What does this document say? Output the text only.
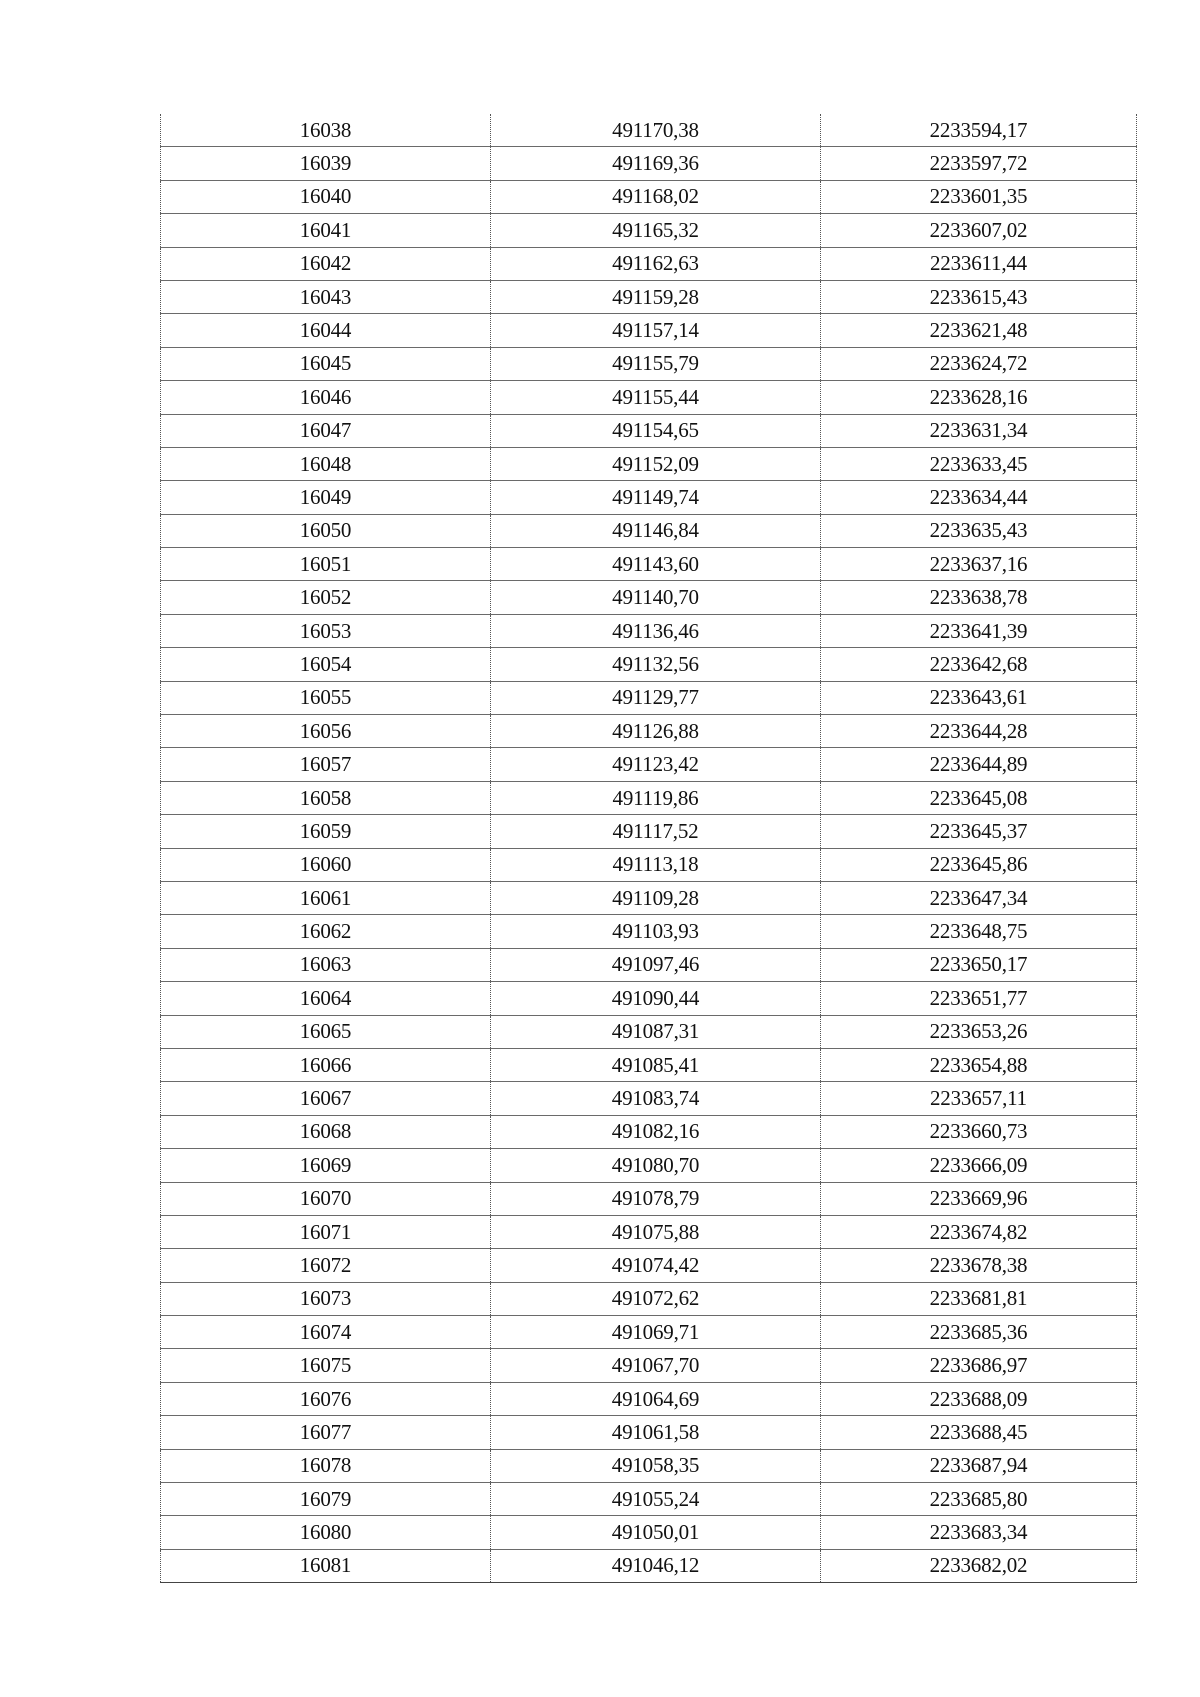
16038	491170,38	2233594,17
16039	491169,36	2233597,72
16040	491168,02	2233601,35
16041	491165,32	2233607,02
16042	491162,63	2233611,44
16043	491159,28	2233615,43
16044	491157,14	2233621,48
16045	491155,79	2233624,72
16046	491155,44	2233628,16
16047	491154,65	2233631,34
16048	491152,09	2233633,45
16049	491149,74	2233634,44
16050	491146,84	2233635,43
16051	491143,60	2233637,16
16052	491140,70	2233638,78
16053	491136,46	2233641,39
16054	491132,56	2233642,68
16055	491129,77	2233643,61
16056	491126,88	2233644,28
16057	491123,42	2233644,89
16058	491119,86	2233645,08
16059	491117,52	2233645,37
16060	491113,18	2233645,86
16061	491109,28	2233647,34
16062	491103,93	2233648,75
16063	491097,46	2233650,17
16064	491090,44	2233651,77
16065	491087,31	2233653,26
16066	491085,41	2233654,88
16067	491083,74	2233657,11
16068	491082,16	2233660,73
16069	491080,70	2233666,09
16070	491078,79	2233669,96
16071	491075,88	2233674,82
16072	491074,42	2233678,38
16073	491072,62	2233681,81
16074	491069,71	2233685,36
16075	491067,70	2233686,97
16076	491064,69	2233688,09
16077	491061,58	2233688,45
16078	491058,35	2233687,94
16079	491055,24	2233685,80
16080	491050,01	2233683,34
16081	491046,12	2233682,02
